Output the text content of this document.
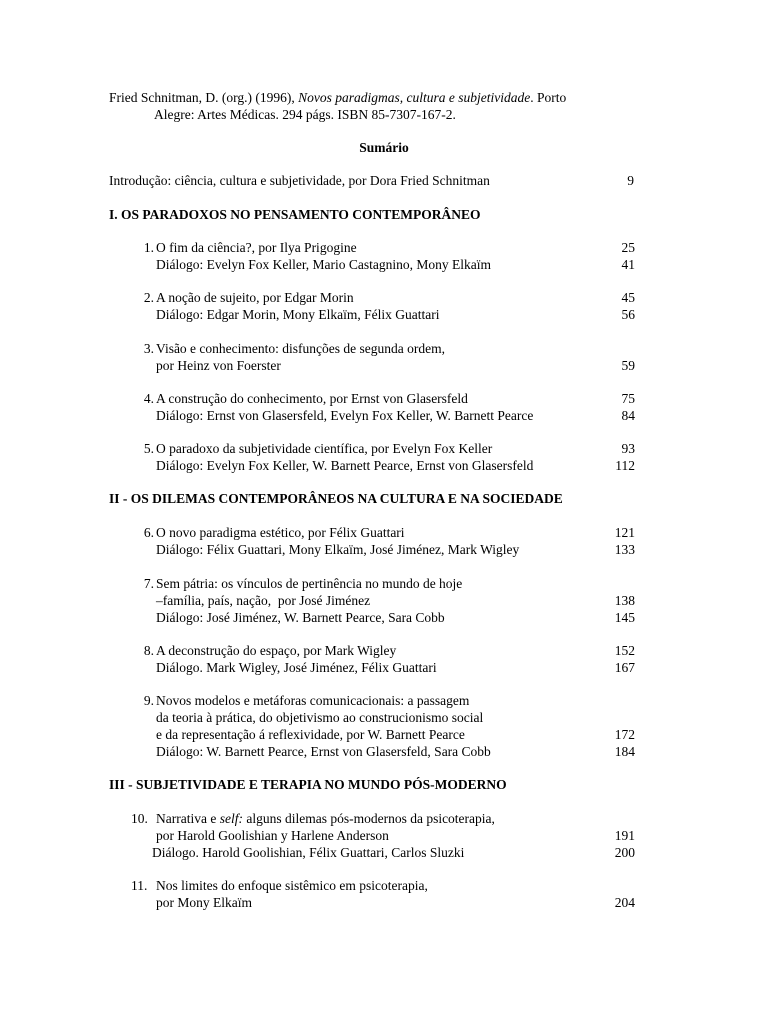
Fried Schnitman, D. (org.) (1996), Novos paradigmas, cultura e subjetividade. Porto
Alegre: Artes Médicas. 294 págs. ISBN 85-7307-167-2.
Sumário
Introdução: ciência, cultura e subjetividade, por Dora Fried Schnitman	9
I. OS PARADOXOS NO PENSAMENTO CONTEMPORÂNEO
1. O fim da ciência?, por Ilya Prigogine	25
Diálogo: Evelyn Fox Keller, Mario Castagnino, Mony Elkaïm	41
2. A noção de sujeito, por Edgar Morin	45
Diálogo: Edgar Morin, Mony Elkaïm, Félix Guattari	56
3. Visão e conhecimento: disfunções de segunda ordem,
por Heinz von Foerster	59
4. A construção do conhecimento, por Ernst von Glasersfeld	75
Diálogo: Ernst von Glasersfeld, Evelyn Fox Keller, W. Barnett Pearce	84
5. O paradoxo da subjetividade científica, por Evelyn Fox Keller	93
Diálogo: Evelyn Fox Keller, W. Barnett Pearce, Ernst von Glasersfeld	112
II - OS DILEMAS CONTEMPORÂNEOS NA CULTURA E NA SOCIEDADE
6. O novo paradigma estético, por Félix Guattari	121
Diálogo: Félix Guattari, Mony Elkaïm, José Jiménez, Mark Wigley	133
7. Sem pátria: os vínculos de pertinência no mundo de hoje
–família, país, nação,  por José Jiménez	138
Diálogo: José Jiménez, W. Barnett Pearce, Sara Cobb	145
8. A deconstrução do espaço, por Mark Wigley	152
Diálogo. Mark Wigley, José Jiménez, Félix Guattari	167
9. Novos modelos e metáforas comunicacionais: a passagem
da teoria à prática, do objetivismo ao construcionismo social
e da representação á reflexividade, por W. Barnett Pearce	172
Diálogo: W. Barnett Pearce, Ernst von Glasersfeld, Sara Cobb	184
III - SUBJETIVIDADE E TERAPIA NO MUNDO PÓS-MODERNO
10. Narrativa e self: alguns dilemas pós-modernos da psicoterapia,
por Harold Goolishian y Harlene Anderson	191
Diálogo. Harold Goolishian, Félix Guattari, Carlos Sluzki	200
11. Nos limites do enfoque sistêmico em psicoterapia,
por Mony Elkaïm	204
